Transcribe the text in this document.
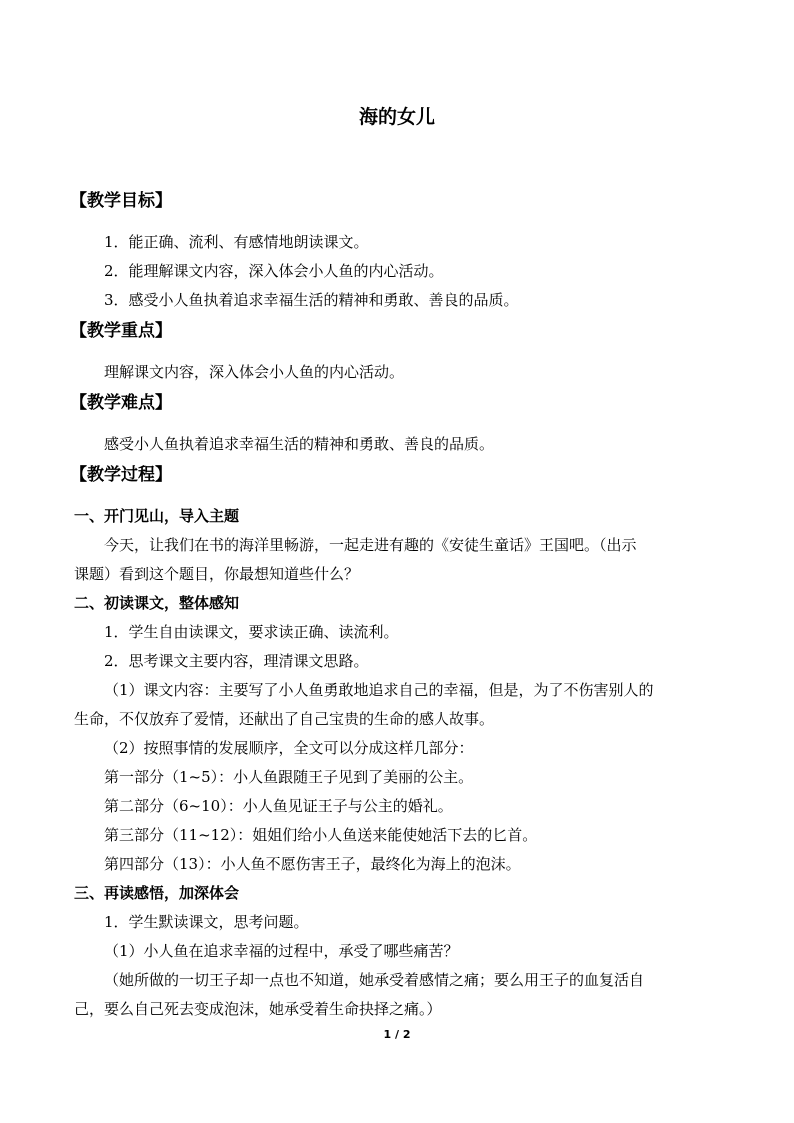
海的女儿
【教学目标】
1．能正确、流利、有感情地朗读课文。
2．能理解课文内容，深入体会小人鱼的内心活动。
3．感受小人鱼执着追求幸福生活的精神和勇敢、善良的品质。
【教学重点】
理解课文内容，深入体会小人鱼的内心活动。
【教学难点】
感受小人鱼执着追求幸福生活的精神和勇敢、善良的品质。
【教学过程】
一、开门见山，导入主题
今天，让我们在书的海洋里畅游，一起走进有趣的《安徒生童话》王国吧。（出示
课题）看到这个题目，你最想知道些什么？
二、初读课文，整体感知
1．学生自由读课文，要求读正确、读流利。
2．思考课文主要内容，理清课文思路。
（1）课文内容：主要写了小人鱼勇敢地追求自己的幸福，但是，为了不伤害别人的
生命，不仅放弃了爱情，还献出了自己宝贵的生命的感人故事。
（2）按照事情的发展顺序，全文可以分成这样几部分：
第一部分（1~5）：小人鱼跟随王子见到了美丽的公主。
第二部分（6~10）：小人鱼见证王子与公主的婚礼。
第三部分（11~12）：姐姐们给小人鱼送来能使她活下去的匕首。
第四部分（13）：小人鱼不愿伤害王子，最终化为海上的泡沫。
三、再读感悟，加深体会
1．学生默读课文，思考问题。
（1）小人鱼在追求幸福的过程中，承受了哪些痛苦？
（她所做的一切王子却一点也不知道，她承受着感情之痛；要么用王子的血复活自
己，要么自己死去变成泡沫，她承受着生命抉择之痛。）
1 / 2
